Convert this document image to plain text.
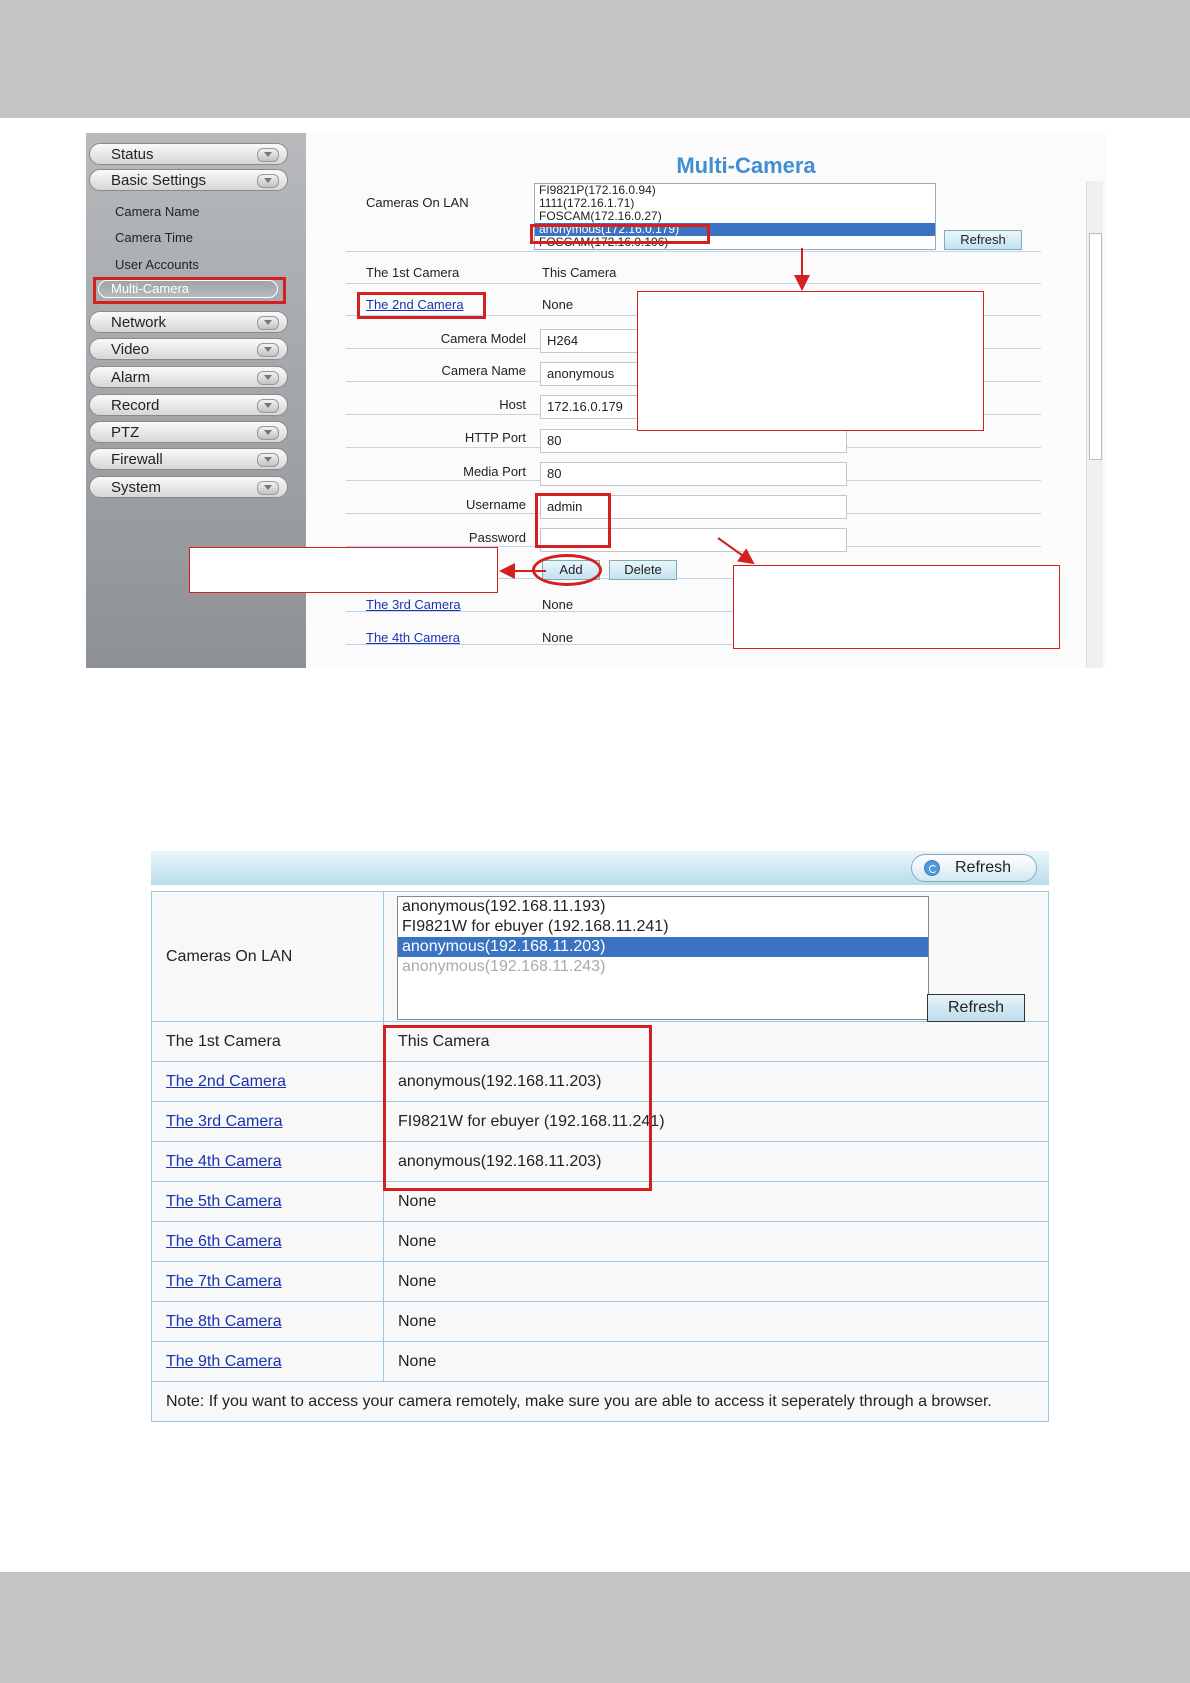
Status
Basic Settings
Camera Name
Camera Time
User Accounts
Multi-Camera
Network
Video
Alarm
Record
PTZ
Firewall
System
Multi-Camera
Cameras On LAN
FI9821P(172.16.0.94)
1111(172.16.1.71)
FOSCAM(172.16.0.27)
anonymous(172.16.0.179)
FOSCAM(172.16.0.106)	Refresh
The 1st Camera	This Camera
The 2nd Camera	None
Camera Model	H264
Camera Name	anonymous
Host	172.16.0.179
HTTP Port	80
Media Port	80
Username	admin
Password
Add	Delete
The 3rd Camera	None
The 4th Camera	None
Refresh
Cameras On LAN	
The 1st Camera	This Camera
The 2nd Camera	anonymous(192.168.11.203)
The 3rd Camera	FI9821W for ebuyer (192.168.11.241)
The 4th Camera	anonymous(192.168.11.203)
The 5th Camera	None
The 6th Camera	None
The 7th Camera	None
The 8th Camera	None
The 9th Camera	None
Note: If you want to access your camera remotely, make sure you are able to access it seperately through a browser.	
anonymous(192.168.11.193)
FI9821W for ebuyer (192.168.11.241)
anonymous(192.168.11.203)
anonymous(192.168.11.243)
Refresh
